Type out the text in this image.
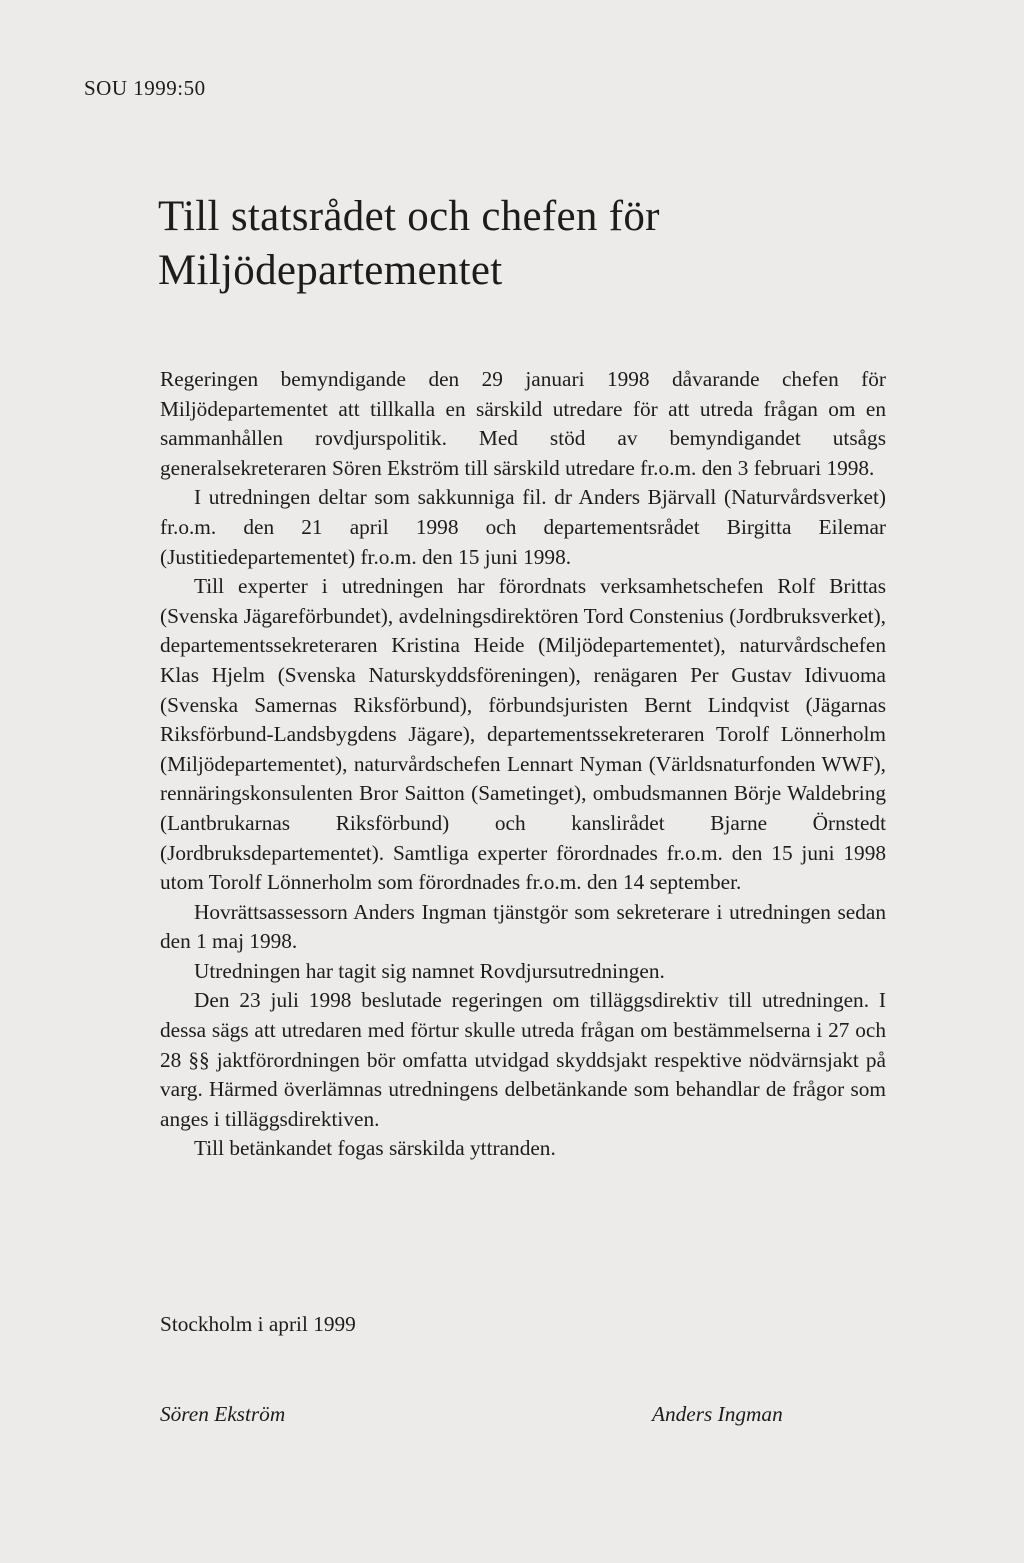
SOU 1999:50
Till statsrådet och chefen för
Miljödepartementet

Regeringen bemyndigande den 29 januari 1998 dåvarande chefen för Miljödepartementet att tillkalla en särskild utredare för att utreda frågan om en sammanhållen rovdjurspolitik. Med stöd av bemyndigandet utsågs generalsekreteraren Sören Ekström till särskild utredare fr.o.m. den 3 februari 1998.

I utredningen deltar som sakkunniga fil. dr Anders Bjärvall (Naturvårdsverket) fr.o.m. den 21 april 1998 och departementsrådet Birgitta Eilemar (Justitiedepartementet) fr.o.m. den 15 juni 1998.

Till experter i utredningen har förordnats verksamhetschefen Rolf Brittas (Svenska Jägareförbundet), avdelningsdirektören Tord Constenius (Jordbruksverket), departementssekreteraren Kristina Heide (Miljödepartementet), naturvårdschefen Klas Hjelm (Svenska Naturskyddsföreningen), renägaren Per Gustav Idivuoma (Svenska Samernas Riksförbund), förbundsjuristen Bernt Lindqvist (Jägarnas Riksförbund-Landsbygdens Jägare), departementssekreteraren Torolf Lönnerholm (Miljödepartementet), naturvårdschefen Lennart Nyman (Världsnaturfonden WWF), rennäringskonsulenten Bror Saitton (Sametinget), ombudsmannen Börje Waldebring (Lantbrukarnas Riksförbund) och kanslirådet Bjarne Örnstedt (Jordbruksdepartementet). Samtliga experter förordnades fr.o.m. den 15 juni 1998 utom Torolf Lönnerholm som förordnades fr.o.m. den 14 september.

Hovrättsassessorn Anders Ingman tjänstgör som sekreterare i utredningen sedan den 1 maj 1998.

Utredningen har tagit sig namnet Rovdjursutredningen.

Den 23 juli 1998 beslutade regeringen om tilläggsdirektiv till utredningen. I dessa sägs att utredaren med förtur skulle utreda frågan om bestämmelserna i 27 och 28 §§ jaktförordningen bör omfatta utvidgad skyddsjakt respektive nödvärnsjakt på varg. Härmed överlämnas utredningens delbetänkande som behandlar de frågor som anges i tilläggsdirektiven.

Till betänkandet fogas särskilda yttranden.

Stockholm i april 1999
Sören Ekström	Anders Ingman
